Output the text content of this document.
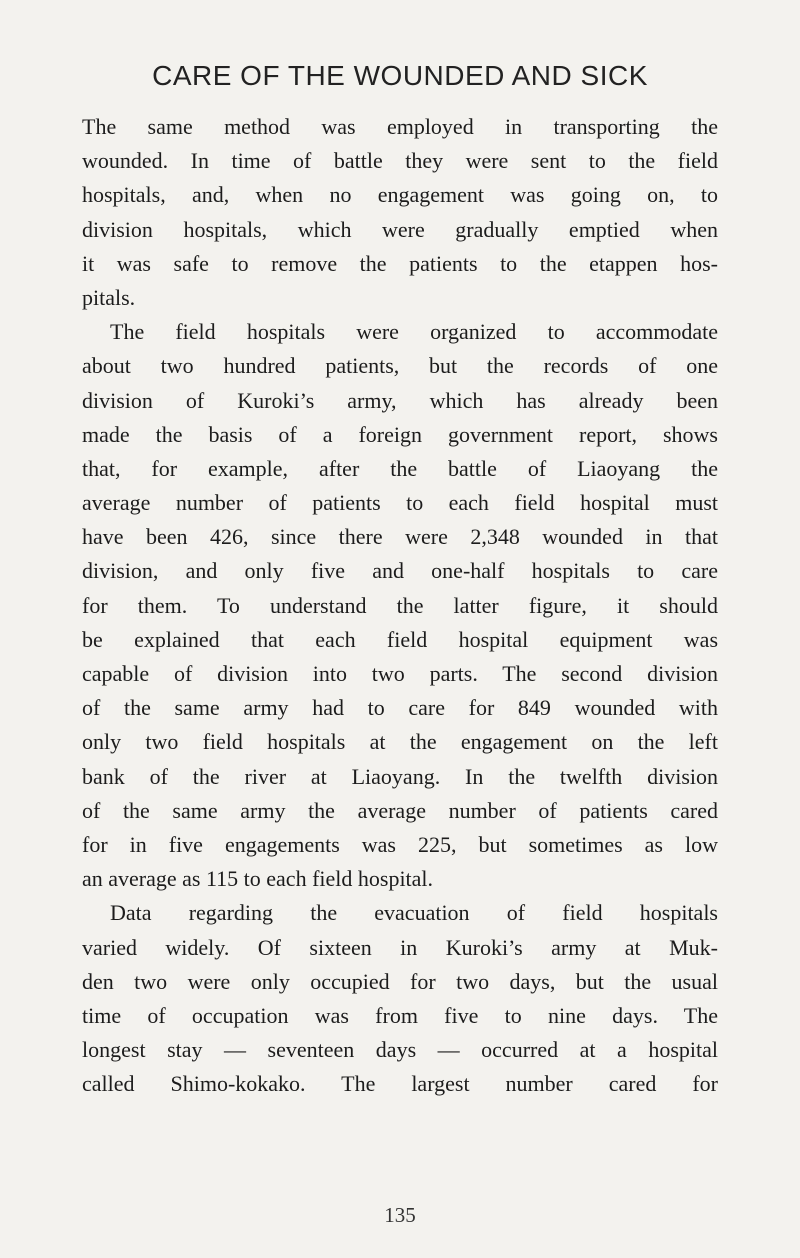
CARE OF THE WOUNDED AND SICK
The same method was employed in transporting the
wounded. In time of battle they were sent to the field
hospitals, and, when no engagement was going on, to
division hospitals, which were gradually emptied when
it was safe to remove the patients to the etappen hos-
pitals.
The field hospitals were organized to accommodate
about two hundred patients, but the records of one
division of Kuroki’s army, which has already been
made the basis of a foreign government report, shows
that, for example, after the battle of Liaoyang the
average number of patients to each field hospital must
have been 426, since there were 2,348 wounded in that
division, and only five and one-half hospitals to care
for them. To understand the latter figure, it should
be explained that each field hospital equipment was
capable of division into two parts. The second division
of the same army had to care for 849 wounded with
only two field hospitals at the engagement on the left
bank of the river at Liaoyang. In the twelfth division
of the same army the average number of patients cared
for in five engagements was 225, but sometimes as low
an average as 115 to each field hospital.
Data regarding the evacuation of field hospitals
varied widely. Of sixteen in Kuroki’s army at Muk-
den two were only occupied for two days, but the usual
time of occupation was from five to nine days. The
longest stay — seventeen days — occurred at a hospital
called Shimo-kokako. The largest number cared for
135
